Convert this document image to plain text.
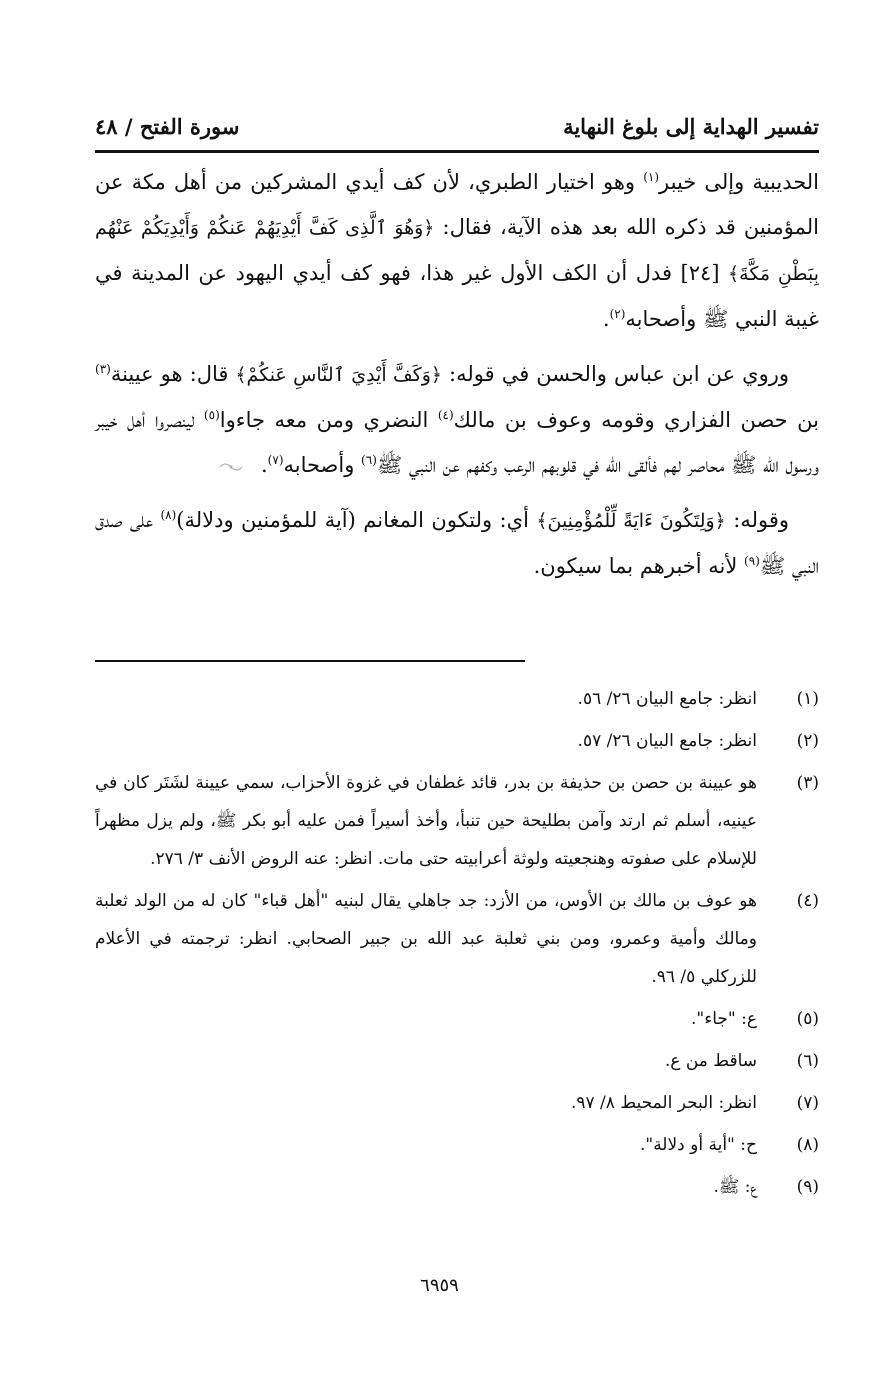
تفسير الهداية إلى بلوغ النهاية
سورة الفتح / ٤٨

الحديبية وإلى خيبر$^{(١)}$ وهو اختيار الطبري، لأن كف أيدي المشركين من أهل مكة عن المؤمنين قد ذكره الله بعد هذه الآية، فقال: ﴿وَهُوَ ٱلَّذِى كَفَّ أَيْدِيَهُمْ عَنكُمْ وَأَيْدِيَكُمْ عَنْهُم بِبَطْنِ مَكَّةَ﴾ [٢٤] فدل أن الكف الأول غير هذا، فهو كف أيدي اليهود عن المدينة في غيبة النبي ﷺ وأصحابه$^{(٢)}$.

وروي عن ابن عباس والحسن في قوله: ﴿وَكَفَّ أَيْدِيَ ٱلنَّاسِ عَنكُمْ﴾ قال: هو عيينة$^{(٣)}$ بن حصن الفزاري وقومه وعوف بن مالك$^{(٤)}$ النضري ومن معه جاءوا$^{(٥)}$ لينصروا أهل خيبر ورسول الله ﷺ محاصر لهم فألقى الله في قلوبهم الرعب وكفهم عن النبي ﷺ$^{(٦)}$ وأصحابه$^{(٧)}$.

وقوله: ﴿وَلِتَكُونَ ءَايَةً لِّلْمُؤْمِنِينَ﴾ أي: ولتكون المغانم (آية للمؤمنين ودلالة)$^{(٨)}$ على صدق النبي ﷺ$^{(٩)}$ لأنه أخبرهم بما سيكون.

(١)
انظر: جامع البيان ٢٦/ ٥٦.
(٢)
انظر: جامع البيان ٢٦/ ٥٧.
(٣)
هو عيينة بن حصن بن حذيفة بن بدر، قائد غطفان في غزوة الأحزاب، سمي عيينة لشَتَر كان في عينيه، أسلم ثم ارتد وآمن بطليحة حين تنبأ، وأخذ أسيراً فمن عليه أبو بكر ﷺ، ولم يزل مظهراً للإسلام على صفوته وهنجعيته ولوثة أعرابيته حتى مات. انظر: عنه الروض الأنف ٣/ ٢٧٦.
(٤)
هو عوف بن مالك بن الأوس، من الأزد: جد جاهلي يقال لبنيه "أهل قباء" كان له من الولد ثعلبة ومالك وأمية وعمرو، ومن بني ثعلبة عبد الله بن جبير الصحابي. انظر: ترجمته في الأعلام للزركلي ٥/ ٩٦.
(٥)
ع: "جاء".
(٦)
ساقط من ع.
(٧)
انظر: البحر المحيط ٨/ ٩٧.
(٨)
ح: "أية أو دلالة".
(٩)
ع: ﷺ.
٦٩٥٩
